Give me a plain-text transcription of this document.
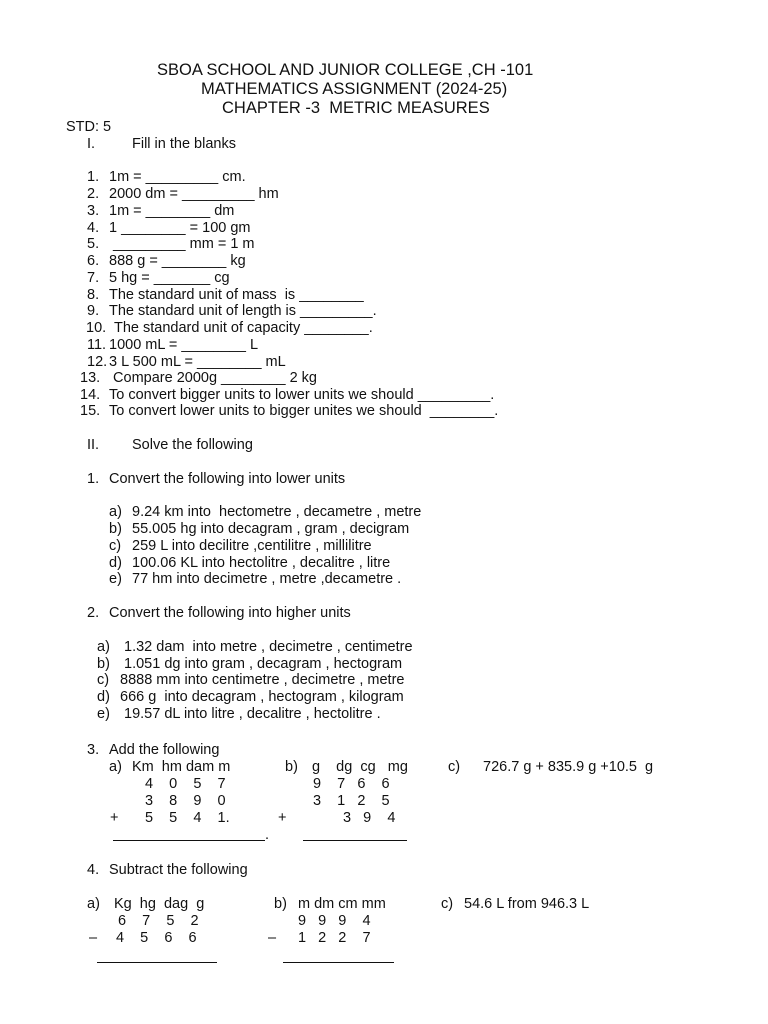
SBOA SCHOOL AND JUNIOR COLLEGE ,CH -101
MATHEMATICS ASSIGNMENT (2024-25)
CHAPTER -3  METRIC MEASURES
STD: 5
I.	Fill in the blanks
1. 1m = _________ cm.
2. 2000 dm = _________ hm
3. 1m = ________ dm
4. 1 ________ = 100 gm
5. _________ mm = 1 m
6. 888 g = ________ kg
7. 5 hg = _______ cg
8. The standard unit of mass  is ________
9. The standard unit of length is _________.
10. The standard unit of capacity ________.
11. 1000 mL = ________ L
12. 3 L 500 mL = ________ mL
13. Compare 2000g ________ 2 kg
14. To convert bigger units to lower units we should _________.
15. To convert lower units to bigger unites we should  ________.
II. Solve the following
1. Convert the following into lower units
a) 9.24 km into  hectometre , decametre , metre
b) 55.005 hg into decagram , gram , decigram
c) 259 L into decilitre ,centilitre , millilitre
d) 100.06 KL into hectolitre , decalitre , litre
e) 77 hm into decimetre , metre ,decametre .
2. Convert the following into higher units
a) 1.32 dam  into metre , decimetre , centimetre
b) 1.051 dg into gram , decagram , hectogram
c) 8888 mm into centimetre , decimetre , metre
d) 666 g  into decagram , hectogram , kilogram
e) 19.57 dL into litre , decalitre , hectolitre .
3. Add the following
a) Km  hm dam m
4    0    5    7
3    8    9    0
+ 5    5    4    1.
.
b) g    dg  cg   mg
9    7   6    6
3    1   2    5
+	3   9    4
c) 726.7 g + 835.9 g +10.5  g
4. Subtract the following
a) Kg  hg  dag  g
6    7    5    2
– 4    5    6    6
b) m dm cm mm
9   9   9    4
– 1   2   2    7
c) 54.6 L from 946.3 L
